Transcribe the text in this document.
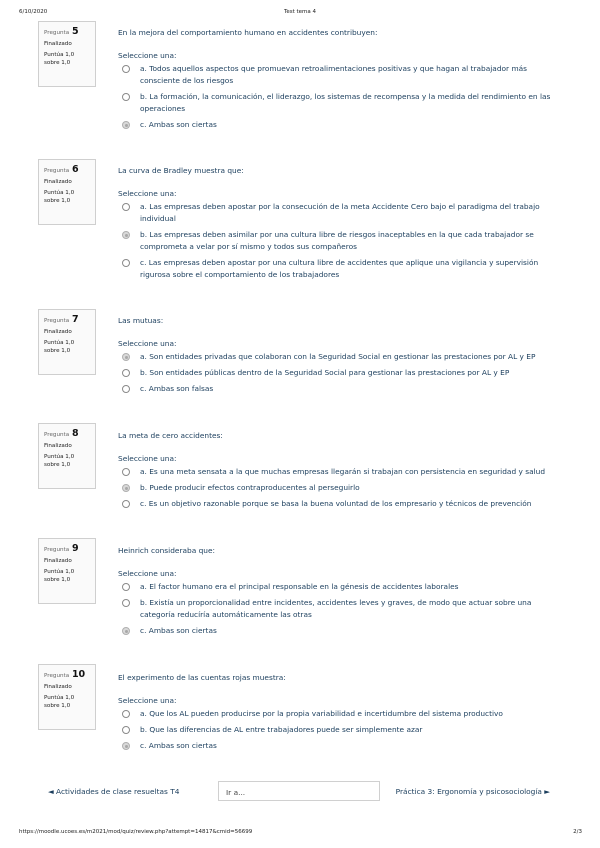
6/10/2020	Test tema 4
Pregunta 5
Finalizado
Puntúa 1,0 sobre 1,0

En la mejora del comportamiento humano en accidentes contribuyen:

Seleccione una:
a. Todos aquellos aspectos que promuevan retroalimentaciones positivas y que hagan al trabajador más consciente de los riesgos
b. La formación, la comunicación, el liderazgo, los sistemas de recompensa y la medida del rendimiento en las operaciones
c. Ambas son ciertas
Pregunta 6
Finalizado
Puntúa 1,0 sobre 1,0

La curva de Bradley muestra que:

Seleccione una:
a. Las empresas deben apostar por la consecución de la meta Accidente Cero bajo el paradigma del trabajo individual
b. Las empresas deben asimilar por una cultura libre de riesgos inaceptables en la que cada trabajador se comprometa a velar por sí mismo y todos sus compañeros
c. Las empresas deben apostar por una cultura libre de accidentes que aplique una vigilancia y supervisión rigurosa sobre el comportamiento de los trabajadores
Pregunta 7
Finalizado
Puntúa 1,0 sobre 1,0

Las mutuas:

Seleccione una:
a. Son entidades privadas que colaboran con la Seguridad Social en gestionar las prestaciones por AL y EP
b. Son entidades públicas dentro de la Seguridad Social para gestionar las prestaciones por AL y EP
c. Ambas son falsas
Pregunta 8
Finalizado
Puntúa 1,0 sobre 1,0

La meta de cero accidentes:

Seleccione una:
a. Es una meta sensata a la que muchas empresas llegarán si trabajan con persistencia en seguridad y salud
b. Puede producir efectos contraproducentes al perseguirlo
c. Es un objetivo razonable porque se basa la buena voluntad de los empresario y técnicos de prevención
Pregunta 9
Finalizado
Puntúa 1,0 sobre 1,0

Heinrich consideraba que:

Seleccione una:
a. El factor humano era el principal responsable en la génesis de accidentes laborales
b. Existía un proporcionalidad entre incidentes, accidentes leves y graves, de modo que actuar sobre una categoría reducíría automáticamente las otras
c. Ambas son ciertas
Pregunta 10
Finalizado
Puntúa 1,0 sobre 1,0

El experimento de las cuentas rojas muestra:

Seleccione una:
a. Que los AL pueden producirse por la propia variabilidad e incertidumbre del sistema productivo
b. Que las diferencias de AL entre trabajadores puede ser simplemente azar
c. Ambas son ciertas
◄ Actividades de clase resueltas T4	Ir a...	Práctica 3: Ergonomía y psicosociología ►
https://moodle.ucoes.es/m2021/mod/quiz/review.php?attempt=14817&cmid=56699	2/3
